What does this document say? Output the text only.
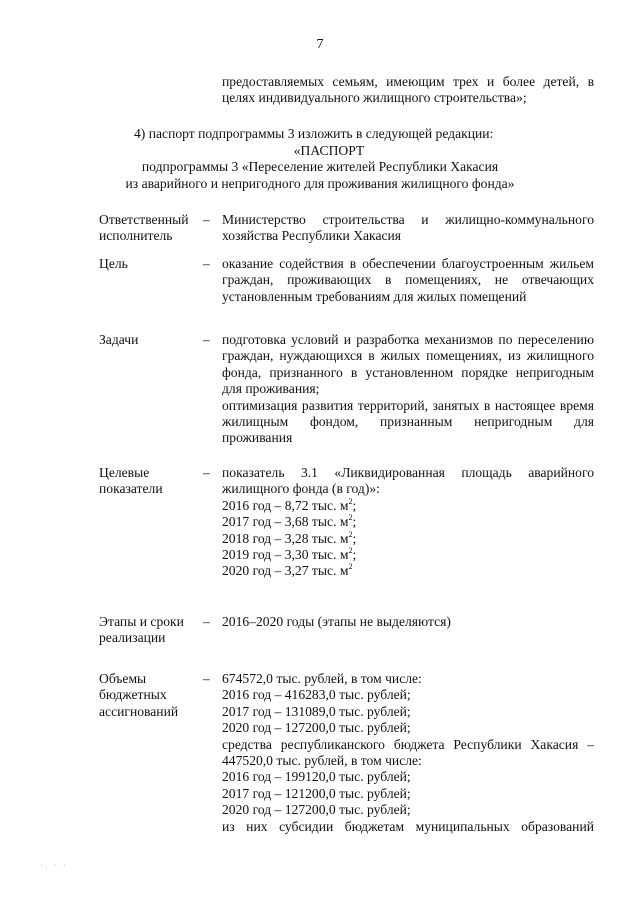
7
предоставляемых семьям, имеющим трех и более детей, в
целях индивидуального жилищного строительства»;
4) паспорт подпрограммы 3 изложить в следующей редакции:
«ПАСПОРТ
подпрограммы 3 «Переселение жителей Республики Хакасия
из аварийного и непригодного для проживания жилищного фонда»
Ответственный
исполнитель
– Министерство строительства и жилищно-коммунального
хозяйства Республики Хакасия
Цель	– оказание содействия в обеспечении благоустроенным жильем
граждан, проживающих в помещениях, не отвечающих
установленным требованиям для жилых помещений
Задачи	– подготовка условий и разработка механизмов по переселению
граждан, нуждающихся в жилых помещениях, из жилищного
фонда, признанного в установленном порядке непригодным
для проживания;
оптимизация развития территорий, занятых в настоящее время
жилищным фондом, признанным непригодным для
проживания
Целевые
показатели
– показатель 3.1 «Ликвидированная площадь аварийного
жилищного фонда (в год)»:
2016 год – 8,72 тыс. $м^2$;
2017 год – 3,68 тыс. $м^2$;
2018 год – 3,28 тыс. $м^2$;
2019 год – 3,30 тыс. $м^2$;
2020 год – 3,27 тыс. $м^2$
Этапы и сроки
реализации
– 2016–2020 годы (этапы не выделяются)
Объемы
бюджетных
ассигнований
– 674572,0 тыс. рублей, в том числе:
2016 год – 416283,0 тыс. рублей;
2017 год – 131089,0 тыс. рублей;
2020 год – 127200,0 тыс. рублей;
средства республиканского бюджета Республики Хакасия –
447520,0 тыс. рублей, в том числе:
2016 год – 199120,0 тыс. рублей;
2017 год – 121200,0 тыс. рублей;
2020 год – 127200,0 тыс. рублей;
из них субсидии бюджетам муниципальных образований
·. · ·
